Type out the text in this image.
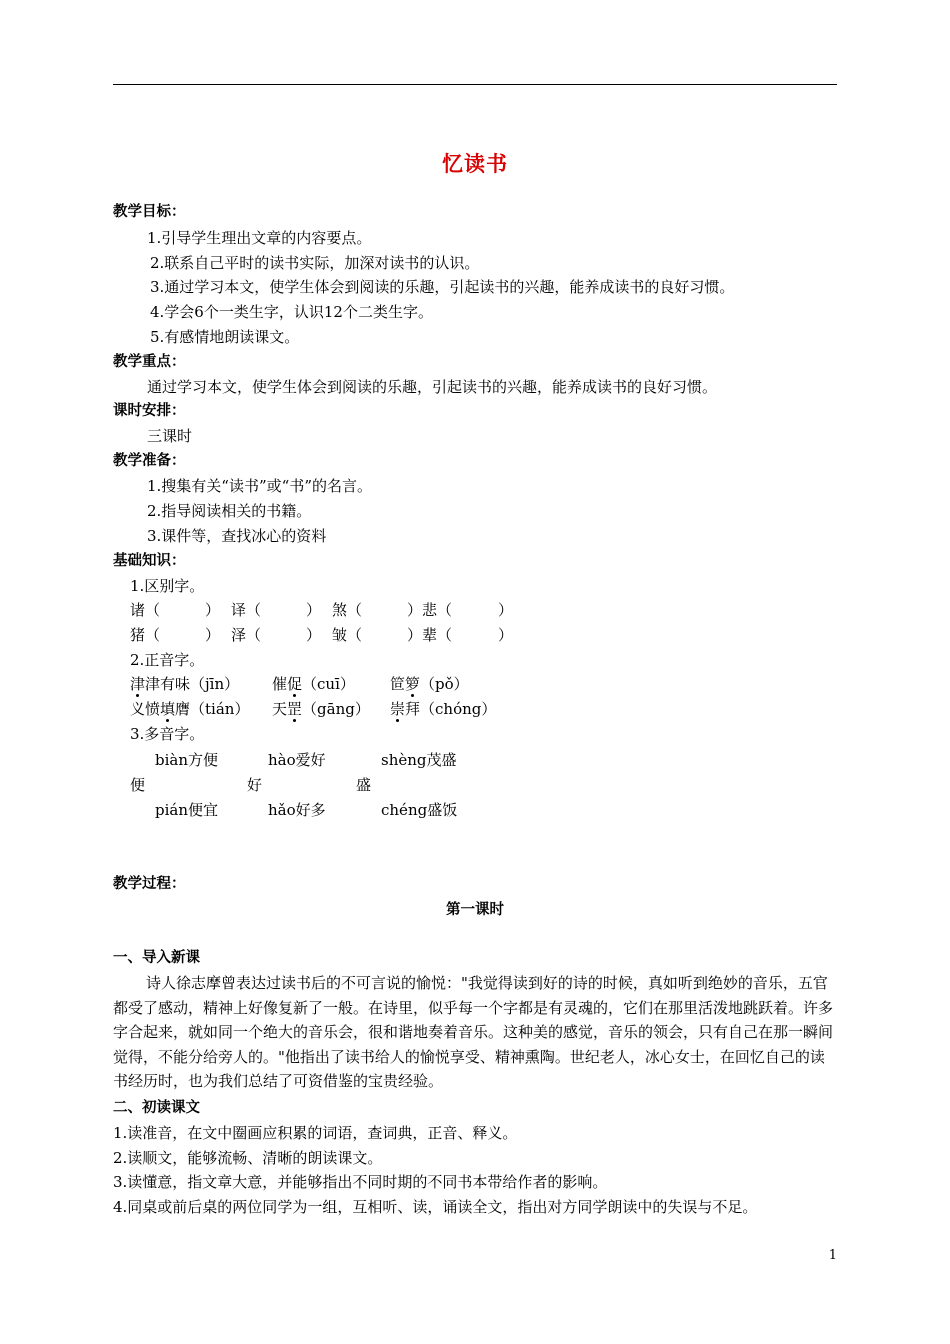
忆读书
教学目标：
1.引导学生理出文章的内容要点。
2.联系自己平时的读书实际，加深对读书的认识。
3.通过学习本文，使学生体会到阅读的乐趣，引起读书的兴趣，能养成读书的良好习惯。
4.学会6个一类生字，认识12个二类生字。
5.有感情地朗读课文。
教学重点：
通过学习本文，使学生体会到阅读的乐趣，引起读书的兴趣，能养成读书的良好习惯。
课时安排：
三课时
教学准备：
1.搜集有关“读书”或“书”的名言。
2.指导阅读相关的书籍。
3.课件等，查找冰心的资料
基础知识：
1.区别字。
诸（	） 译（	） 煞（	）悲（	）
猪（	） 泽（	） 皱（	）辈（	）
2.正音字。
津津有味（jīn） 催促（cuī） 笸箩（pǒ）
义愤填膺（tián） 天罡（gāng） 崇拜（chóng）
3.多音字。
biàn方便	hào爱好	shèng茂盛
便	好	盛
pián便宜	hǎo好多	chéng盛饭
教学过程：
第一课时
一、导入新课
诗人徐志摩曾表达过读书后的不可言说的愉悦："我觉得读到好的诗的时候，真如听到绝妙的音乐，五官都受了感动，精神上好像复新了一般。在诗里，似乎每一个字都是有灵魂的，它们在那里活泼地跳跃着。许多字合起来，就如同一个绝大的音乐会，很和谐地奏着音乐。这种美的感觉，音乐的领会，只有自己在那一瞬间觉得，不能分给旁人的。"他指出了读书给人的愉悦享受、精神熏陶。世纪老人，冰心女士，在回忆自己的读书经历时，也为我们总结了可资借鉴的宝贵经验。
二、初读课文
1.读准音，在文中圈画应积累的词语，查词典，正音、释义。
2.读顺文，能够流畅、清晰的朗读课文。
3.读懂意，指文章大意，并能够指出不同时期的不同书本带给作者的影响。
4.同桌或前后桌的两位同学为一组，互相听、读，诵读全文，指出对方同学朗读中的失误与不足。
1
